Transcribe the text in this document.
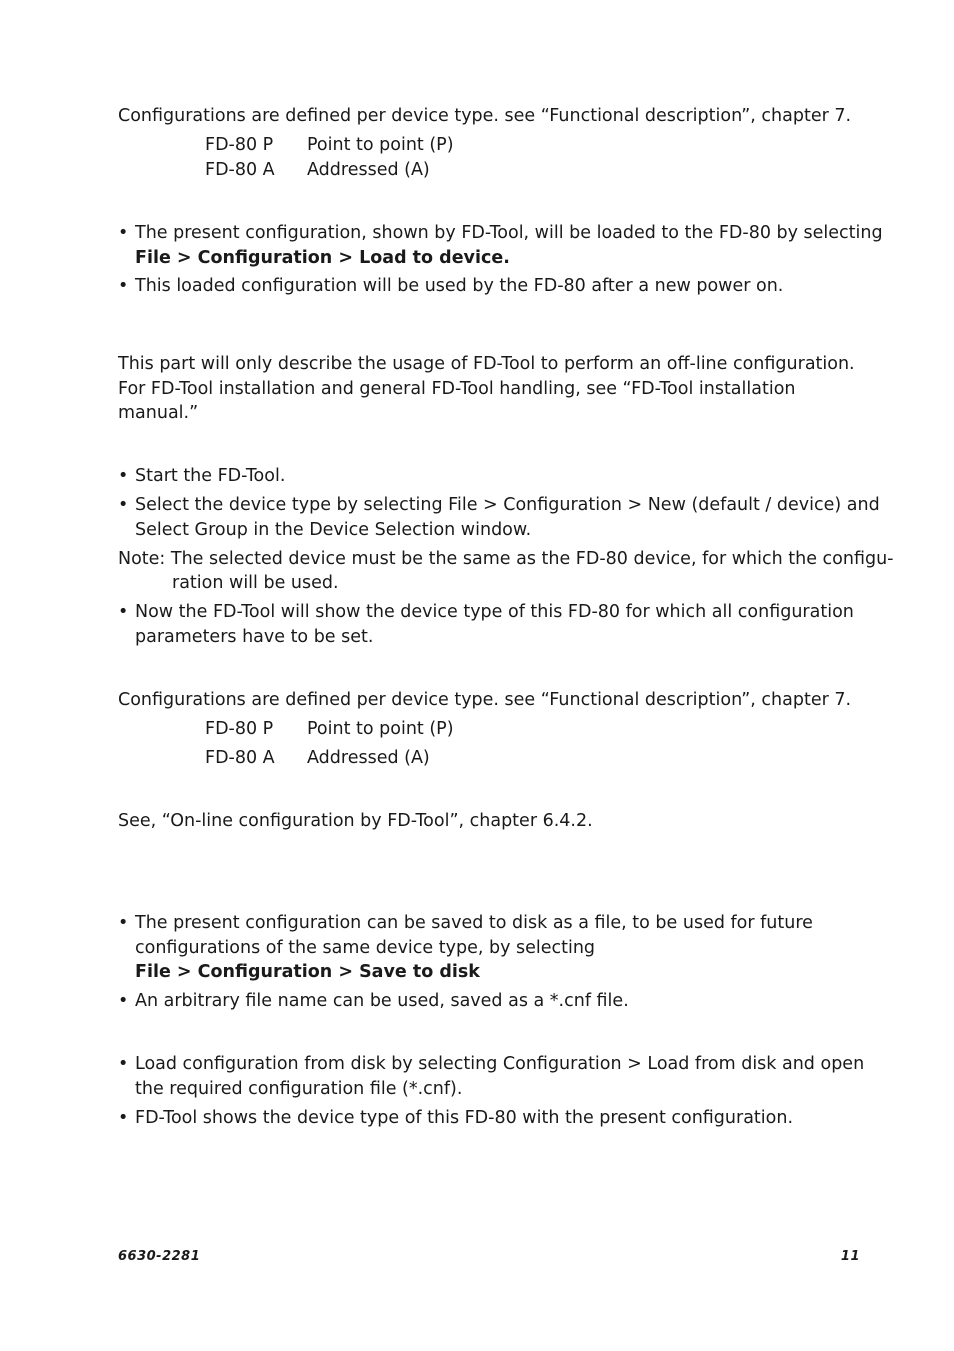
Configurations are defined per device type. see “Functional description”, chapter 7.
FD-80 P Point to point (P)
FD-80 A Addressed (A)
• The present configuration, shown by FD-Tool, will be loaded to the FD-80 by selecting
File > Configuration > Load to device.
• This loaded configuration will be used by the FD-80 after a new power on.
This part will only describe the usage of FD-Tool to perform an off-line configuration.
For FD-Tool installation and general FD-Tool handling, see “FD-Tool installation
manual.”
• Start the FD-Tool.
• Select the device type by selecting File > Configuration > New (default / device) and
Select Group in the Device Selection window.
Note: The selected device must be the same as the FD-80 device, for which the configu-
ration will be used.
• Now the FD-Tool will show the device type of this FD-80 for which all configuration
parameters have to be set.
Configurations are defined per device type. see “Functional description”, chapter 7.
FD-80 P Point to point (P)
FD-80 A Addressed (A)
See, “On-line configuration by FD-Tool”, chapter 6.4.2.
• The present configuration can be saved to disk as a file, to be used for future
configurations of the same device type, by selecting
File > Configuration > Save to disk
• An arbitrary file name can be used, saved as a *.cnf file.
• Load configuration from disk by selecting Configuration > Load from disk and open
the required configuration file (*.cnf).
• FD-Tool shows the device type of this FD-80 with the present configuration.
6630-2281	11
